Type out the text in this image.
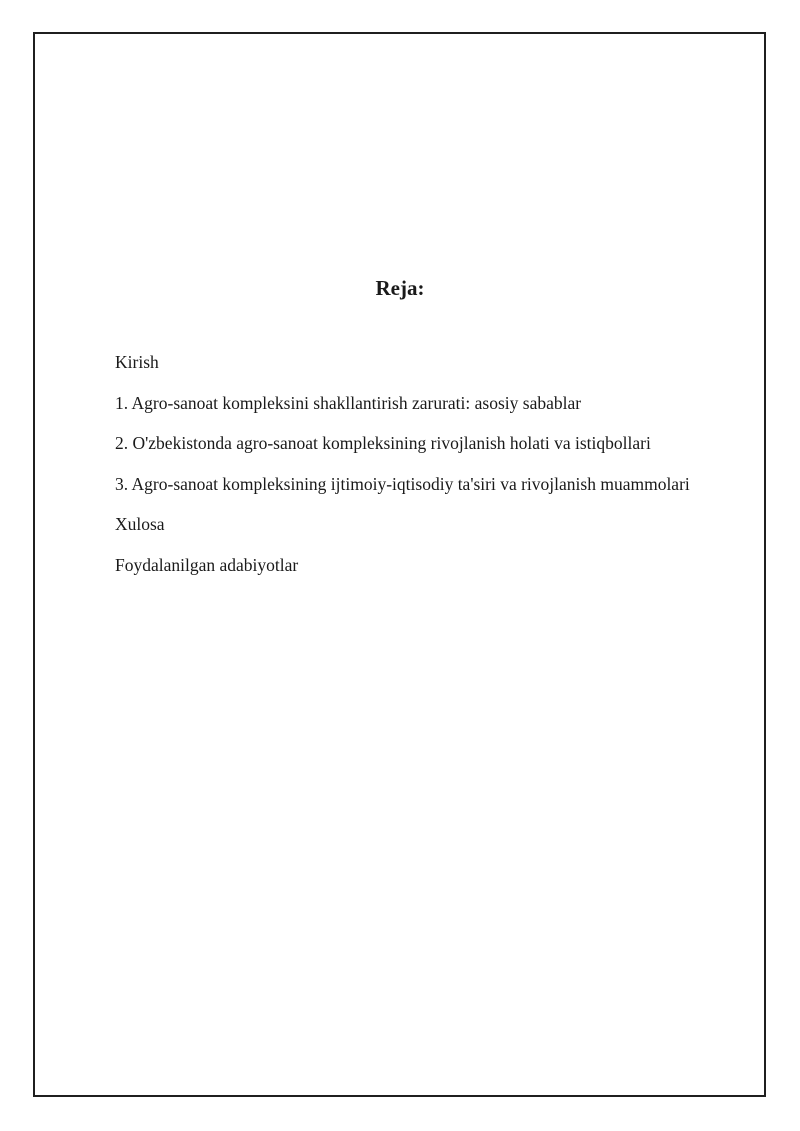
Reja:
Kirish
1. Agro-sanoat kompleksini shakllantirish zarurati: asosiy sabablar
2. O'zbekistonda agro-sanoat kompleksining rivojlanish holati va istiqbollari
3. Agro-sanoat kompleksining ijtimoiy-iqtisodiy ta'siri va rivojlanish muammolari
Xulosa
Foydalanilgan adabiyotlar
